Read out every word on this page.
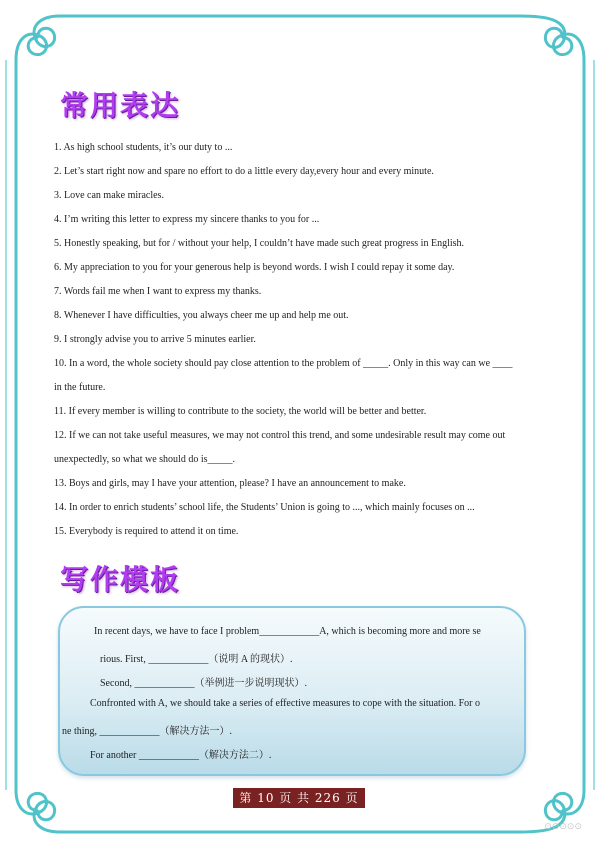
常用表达
1. As high school students, it’s our duty to ...
2. Let’s start right now and spare no effort to do a little every day,every hour and every minute.
3. Love can make miracles.
4. I’m writing this letter to express my sincere thanks to you for ...
5. Honestly speaking, but for / without your help, I couldn’t have made such great progress in English.
6. My appreciation to you for your generous help is beyond words. I wish I could repay it some day.
7. Words fail me when I want to express my thanks.
8. Whenever I have difficulties, you always cheer me up and help me out.
9. I strongly advise you to arrive 5 minutes earlier.
10. In a word, the whole society should pay close attention to the problem of _____. Only in this way can we ____
in the future.
11. If every member is willing to contribute to the society, the world will be better and better.
12. If we can not take useful measures, we may not control this trend, and some undesirable result may come out
unexpectedly, so what we should do is_____.
13. Boys and girls, may I have your attention, please? I have an announcement to make.
14. In order to enrich students’ school life, the Students’ Union is going to ..., which mainly focuses on ...
15. Everybody is required to attend it on time.
写作模板
In recent days, we have to face I problem____________A, which is becoming more and more se
rious. First, ____________（说明 A 的现状）.
Second, ____________（举例进一步说明现状）.
Confronted with A, we should take a series of effective measures to cope with the situation. For o
ne thing, ____________（解决方法一）.
For another ____________（解决方法二）.
第 10 页 共 226 页
⊙⊙⊙⊙⊙
